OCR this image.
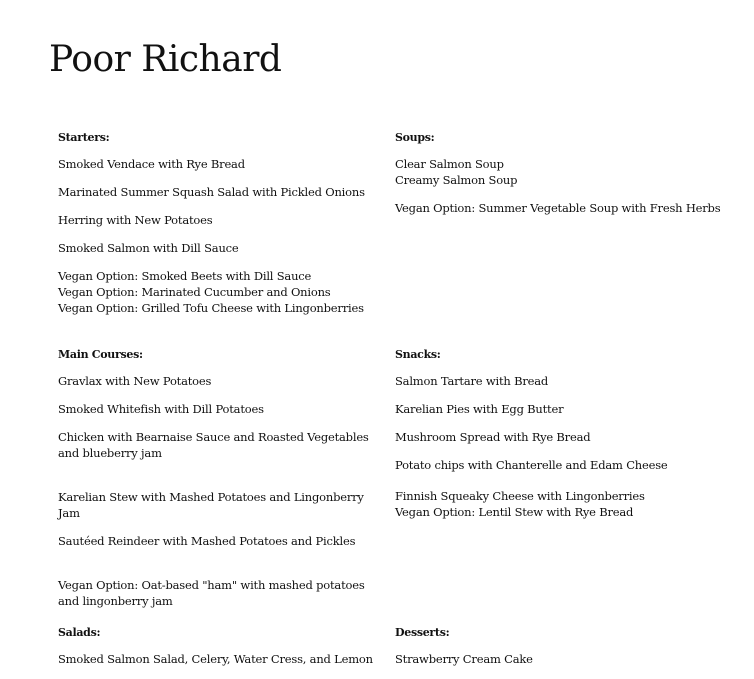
Poor Richard
Starters:
Smoked Vendace with Rye Bread
Marinated Summer Squash Salad with Pickled Onions
Herring with New Potatoes
Smoked Salmon with Dill Sauce
Vegan Option: Smoked Beets with Dill Sauce
Vegan Option: Marinated Cucumber and Onions
Vegan Option: Grilled Tofu Cheese with Lingonberries
Soups:
Clear Salmon Soup
Creamy Salmon Soup
Vegan Option: Summer Vegetable Soup with Fresh Herbs
Main Courses:
Gravlax with New Potatoes
Smoked Whitefish with Dill Potatoes
Chicken with Bearnaise Sauce and Roasted Vegetables and blueberry jam
Karelian Stew with Mashed Potatoes and Lingonberry Jam
Sautéed Reindeer with Mashed Potatoes and Pickles
Vegan Option: Oat-based "ham" with mashed potatoes and lingonberry jam
Snacks:
Salmon Tartare with Bread
Karelian Pies with Egg Butter
Mushroom Spread with Rye Bread
Potato chips with Chanterelle and Edam Cheese
Finnish Squeaky Cheese with Lingonberries
Vegan Option: Lentil Stew with Rye Bread
Salads:
Smoked Salmon Salad, Celery, Water Cress, and Lemon
Desserts:
Strawberry Cream Cake
